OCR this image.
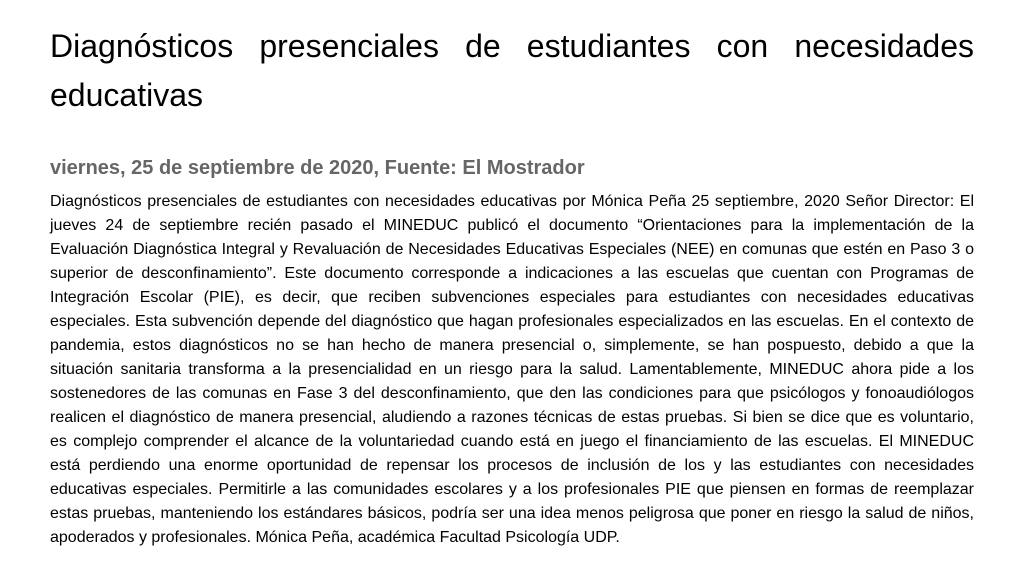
Diagnósticos presenciales de estudiantes con necesidades educativas
viernes, 25 de septiembre de 2020, Fuente: El Mostrador

Diagnósticos presenciales de estudiantes con necesidades educativas por Mónica Peña 25 septiembre, 2020 Señor Director: El jueves 24 de septiembre recién pasado el MINEDUC publicó el documento “Orientaciones para la implementación de la Evaluación Diagnóstica Integral y Revaluación de Necesidades Educativas Especiales (NEE) en comunas que estén en Paso 3 o superior de desconfinamiento”. Este documento corresponde a indicaciones a las escuelas que cuentan con Programas de Integración Escolar (PIE), es decir, que reciben subvenciones especiales para estudiantes con necesidades educativas especiales. Esta subvención depende del diagnóstico que hagan profesionales especializados en las escuelas. En el contexto de pandemia, estos diagnósticos no se han hecho de manera presencial o, simplemente, se han pospuesto, debido a que la situación sanitaria transforma a la presencialidad en un riesgo para la salud. Lamentablemente, MINEDUC ahora pide a los sostenedores de las comunas en Fase 3 del desconfinamiento, que den las condiciones para que psicólogos y fonoaudiólogos realicen el diagnóstico de manera presencial, aludiendo a razones técnicas de estas pruebas. Si bien se dice que es voluntario, es complejo comprender el alcance de la voluntariedad cuando está en juego el financiamiento de las escuelas. El MINEDUC está perdiendo una enorme oportunidad de repensar los procesos de inclusión de los y las estudiantes con necesidades educativas especiales. Permitirle a las comunidades escolares y a los profesionales PIE que piensen en formas de reemplazar estas pruebas, manteniendo los estándares básicos, podría ser una idea menos peligrosa que poner en riesgo la salud de niños, apoderados y profesionales. Mónica Peña, académica Facultad Psicología UDP.
